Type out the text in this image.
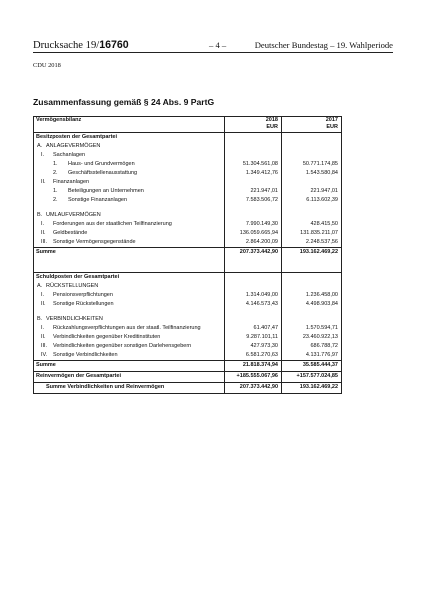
Drucksache 19/16760	– 4 –	Deutscher Bundestag – 19. Wahlperiode
CDU 2018
Zusammenfassung gemäß § 24 Abs. 9 PartG
Vermögensbilanz	2018	2017
EUR	EUR
Besitzposten der Gesamtpartei
A. ANLAGEVERMÖGEN
I. Sachanlagen
1. Haus- und Grundvermögen	51.304.561,08	50.771.174,85
2. Geschäftsstellenausstattung	1.349.412,76	1.543.580,84
II. Finanzanlagen
1. Beteiligungen an Unternehmen	221.947,01	221.947,01
2. Sonstige Finanzanlagen	7.583.506,72	6.113.602,39
B. UMLAUFVERMÖGEN
I. Forderungen aus der staatlichen Teilfinanzierung	7.990.149,30	428.415,50
II. Geldbestände	136.059.665,94	131.835.211,07
III. Sonstige Vermögensgegenstände	2.864.200,09	2.248.537,56
Summe	207.373.442,90	193.162.469,22
Schuldposten der Gesamtpartei
A. RÜCKSTELLUNGEN
I. Pensionsverpflichtungen	1.314.049,00	1.236.458,00
II. Sonstige Rückstellungen	4.146.573,43	4.498.903,84
B. VERBINDLICHKEITEN
I. Rückzahlungsverpflichtungen aus der staatl. Teilfinanzierung	61.407,47	1.570.594,71
II. Verbindlichkeiten gegenüber Kreditinstituten	9.287.101,11	23.460.922,13
III. Verbindlichkeiten gegenüber sonstigen Darlehensgebern	427.973,30	686.788,72
IV. Sonstige Verbindlichkeiten	6.581.270,63	4.131.776,97
Summe	21.818.374,94	35.585.444,37
Reinvermögen der Gesamtpartei	+185.555.067,96	+157.577.024,85
Summe Verbindlichkeiten und Reinvermögen	207.373.442,90	193.162.469,22
